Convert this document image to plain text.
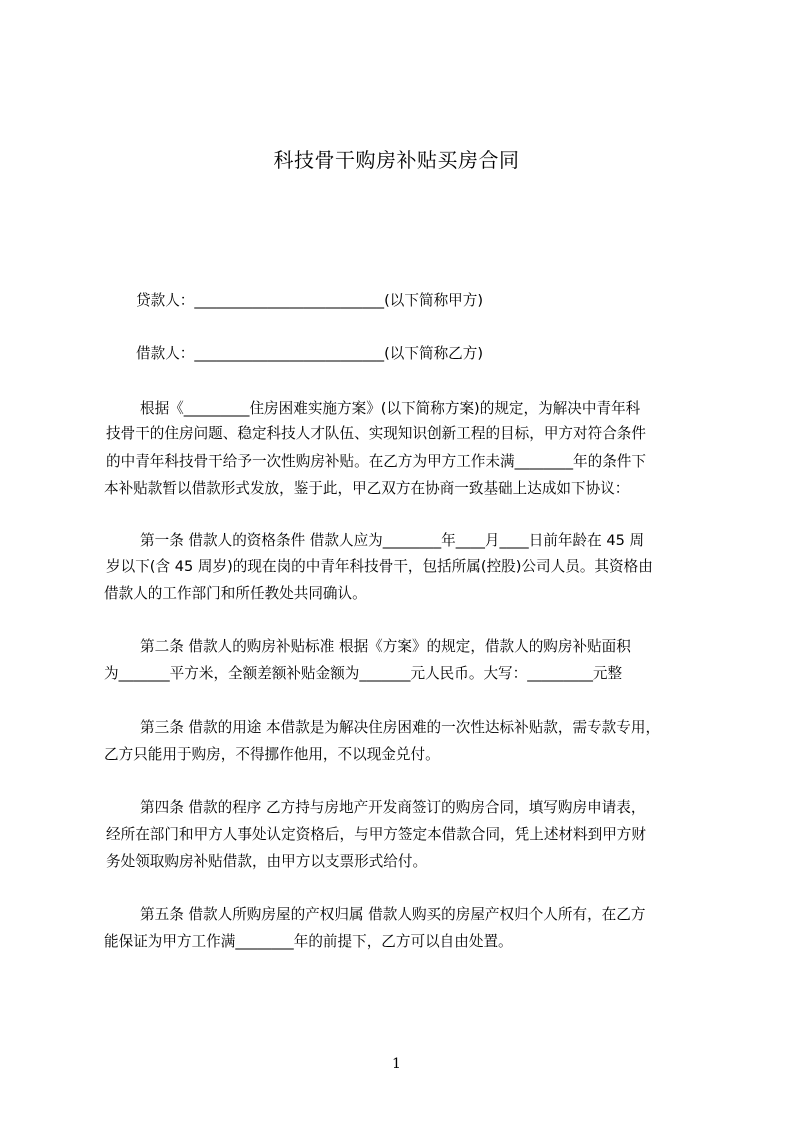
科技骨干购房补贴买房合同
贷款人：__________________________(以下简称甲方)
借款人：__________________________(以下简称乙方)
根据《_________住房困难实施方案》(以下简称方案)的规定，为解决中青年科
技骨干的住房问题、稳定科技人才队伍、实现知识创新工程的目标，甲方对符合条件
的中青年科技骨干给予一次性购房补贴。在乙方为甲方工作未满________年的条件下
本补贴款暂以借款形式发放，鉴于此，甲乙双方在协商一致基础上达成如下协议：
第一条 借款人的资格条件 借款人应为________年____月____日前年龄在 45 周
岁以下(含 45 周岁)的现在岗的中青年科技骨干，包括所属(控股)公司人员。其资格由
借款人的工作部门和所任教处共同确认。
第二条 借款人的购房补贴标准 根据《方案》的规定，借款人的购房补贴面积
为_______平方米，全额差额补贴金额为_______元人民币。大写：_________元整
第三条 借款的用途 本借款是为解决住房困难的一次性达标补贴款，需专款专用，
乙方只能用于购房，不得挪作他用，不以现金兑付。
第四条 借款的程序 乙方持与房地产开发商签订的购房合同，填写购房申请表，
经所在部门和甲方人事处认定资格后，与甲方签定本借款合同，凭上述材料到甲方财
务处领取购房补贴借款，由甲方以支票形式给付。
第五条 借款人所购房屋的产权归属 借款人购买的房屋产权归个人所有，在乙方
能保证为甲方工作满________年的前提下，乙方可以自由处置。
1
